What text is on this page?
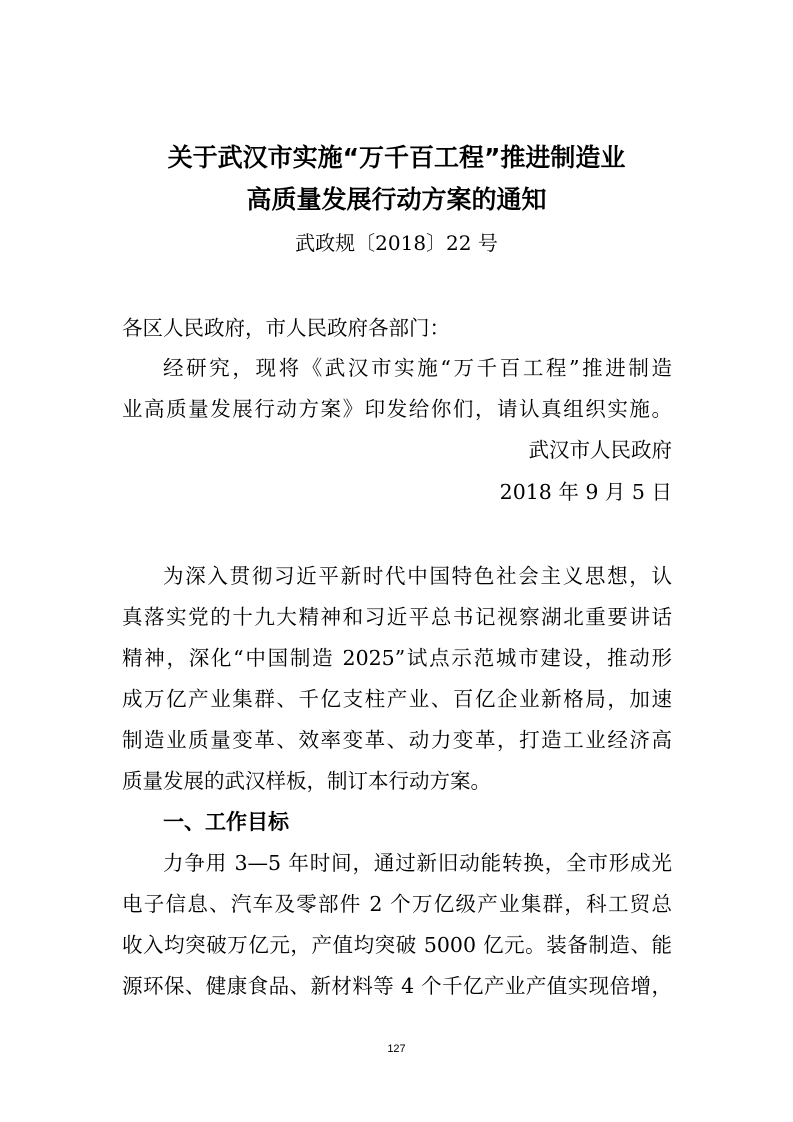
关于武汉市实施“万千百工程”推进制造业
高质量发展行动方案的通知
武政规〔2018〕22 号
各区人民政府，市人民政府各部门：
经研究，现将《武汉市实施“万千百工程”推进制造
业高质量发展行动方案》印发给你们，请认真组织实施。
武汉市人民政府
2018 年 9 月 5 日
为深入贯彻习近平新时代中国特色社会主义思想，认
真落实党的十九大精神和习近平总书记视察湖北重要讲话
精神，深化“中国制造 2025”试点示范城市建设，推动形
成万亿产业集群、千亿支柱产业、百亿企业新格局，加速
制造业质量变革、效率变革、动力变革，打造工业经济高
质量发展的武汉样板，制订本行动方案。
一、工作目标
力争用 3—5 年时间，通过新旧动能转换，全市形成光
电子信息、汽车及零部件 2 个万亿级产业集群，科工贸总
收入均突破万亿元，产值均突破 5000 亿元。装备制造、能
源环保、健康食品、新材料等 4 个千亿产业产值实现倍增，
127
